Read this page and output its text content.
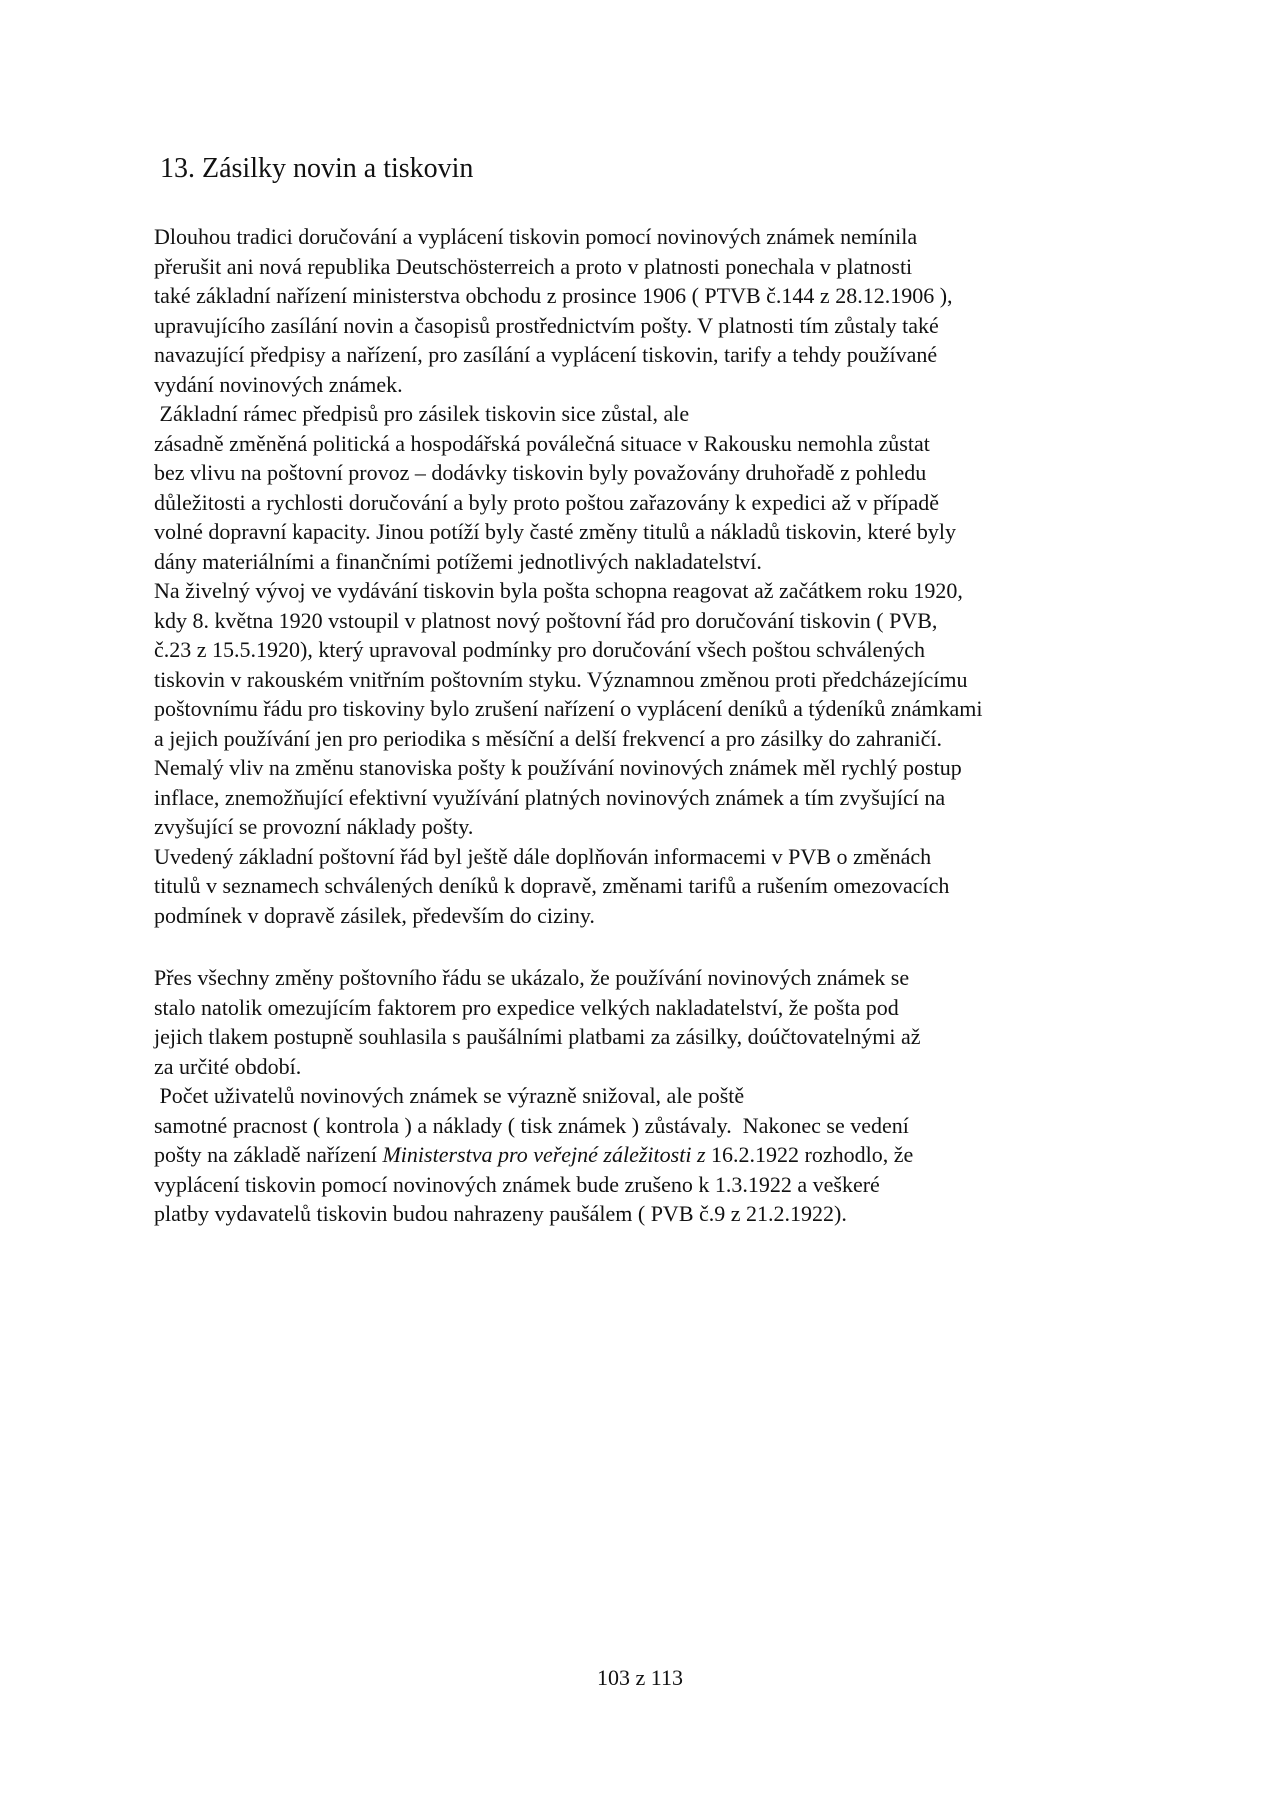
13. Zásilky novin a tiskovin
Dlouhou tradici doručování a vyplácení tiskovin pomocí novinových známek nemínila
přerušit ani nová republika Deutschösterreich a proto v platnosti ponechala v platnosti
také základní nařízení ministerstva obchodu z prosince 1906 ( PTVB č.144 z 28.12.1906 ),
upravujícího zasílání novin a časopisů prostřednictvím pošty. V platnosti tím zůstaly také
navazující předpisy a nařízení, pro zasílání a vyplácení tiskovin, tarify a tehdy používané
vydání novinových známek.
Základní rámec předpisů pro zásilek tiskovin sice zůstal, ale
zásadně změněná politická a hospodářská poválečná situace v Rakousku nemohla zůstat
bez vlivu na poštovní provoz – dodávky tiskovin byly považovány druhořadě z pohledu
důležitosti a rychlosti doručování a byly proto poštou zařazovány k expedici až v případě
volné dopravní kapacity. Jinou potíží byly časté změny titulů a nákladů tiskovin, které byly
dány materiálními a finančními potížemi jednotlivých nakladatelství.
Na živelný vývoj ve vydávání tiskovin byla pošta schopna reagovat až začátkem roku 1920,
kdy 8. května 1920 vstoupil v platnost nový poštovní řád pro doručování tiskovin ( PVB,
č.23 z 15.5.1920), který upravoval podmínky pro doručování všech poštou schválených
tiskovin v rakouském vnitřním poštovním styku. Významnou změnou proti předcházejícímu
poštovnímu řádu pro tiskoviny bylo zrušení nařízení o vyplácení deníků a týdeníků známkami
a jejich používání jen pro periodika s měsíční a delší frekvencí a pro zásilky do zahraničí.
Nemalý vliv na změnu stanoviska pošty k používání novinových známek měl rychlý postup
inflace, znemožňující efektivní využívání platných novinových známek a tím zvyšující na
zvyšující se provozní náklady pošty.
Uvedený základní poštovní řád byl ještě dále doplňován informacemi v PVB o změnách
titulů v seznamech schválených deníků k dopravě, změnami tarifů a rušením omezovacích
podmínek v dopravě zásilek, především do ciziny.
Přes všechny změny poštovního řádu se ukázalo, že používání novinových známek se
stalo natolik omezujícím faktorem pro expedice velkých nakladatelství, že pošta pod
jejich tlakem postupně souhlasila s paušálními platbami za zásilky, doúčtovatelnými až
za určité období.
Počet uživatelů novinových známek se výrazně snižoval, ale poště
samotné pracnost ( kontrola ) a náklady ( tisk známek ) zůstávaly.  Nakonec se vedení
pošty na základě nařízení Ministerstva pro veřejné záležitosti z 16.2.1922 rozhodlo, že
vyplácení tiskovin pomocí novinových známek bude zrušeno k 1.3.1922 a veškeré
platby vydavatelů tiskovin budou nahrazeny paušálem ( PVB č.9 z 21.2.1922).
103 z 113
